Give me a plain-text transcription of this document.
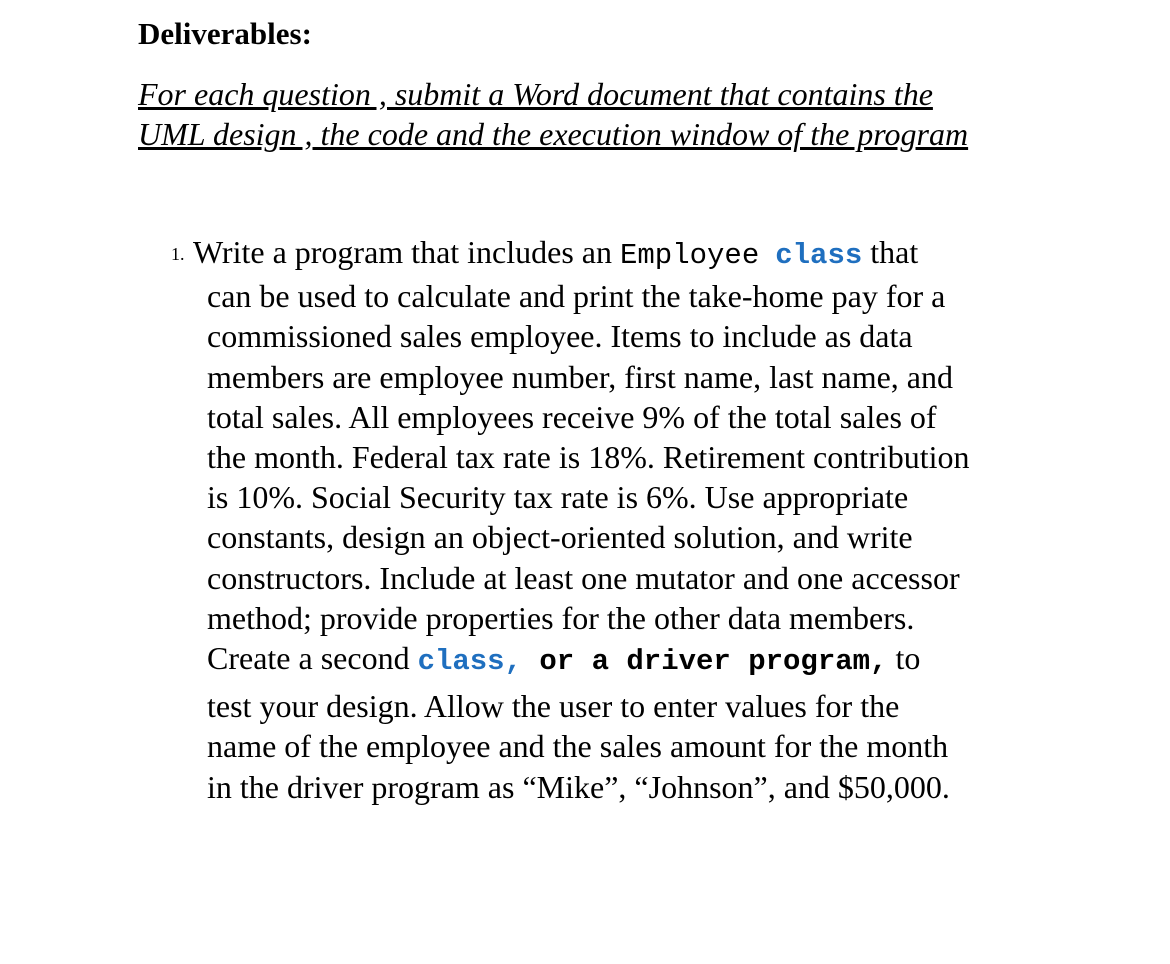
Deliverables:
For each question , submit a Word document that contains the
UML design , the code and the execution window of the program
1. Write a program that includes an Employee class that
can be used to calculate and print the take-home pay for a
commissioned sales employee. Items to include as data
members are employee number, first name, last name, and
total sales. All employees receive 9% of the total sales of
the month. Federal tax rate is 18%. Retirement contribution
is 10%. Social Security tax rate is 6%. Use appropriate
constants, design an object-oriented solution, and write
constructors. Include at least one mutator and one accessor
method; provide properties for the other data members.
Create a second class, or a driver program, to
test your design. Allow the user to enter values for the
name of the employee and the sales amount for the month
in the driver program as “Mike”, “Johnson”, and $50,000.
